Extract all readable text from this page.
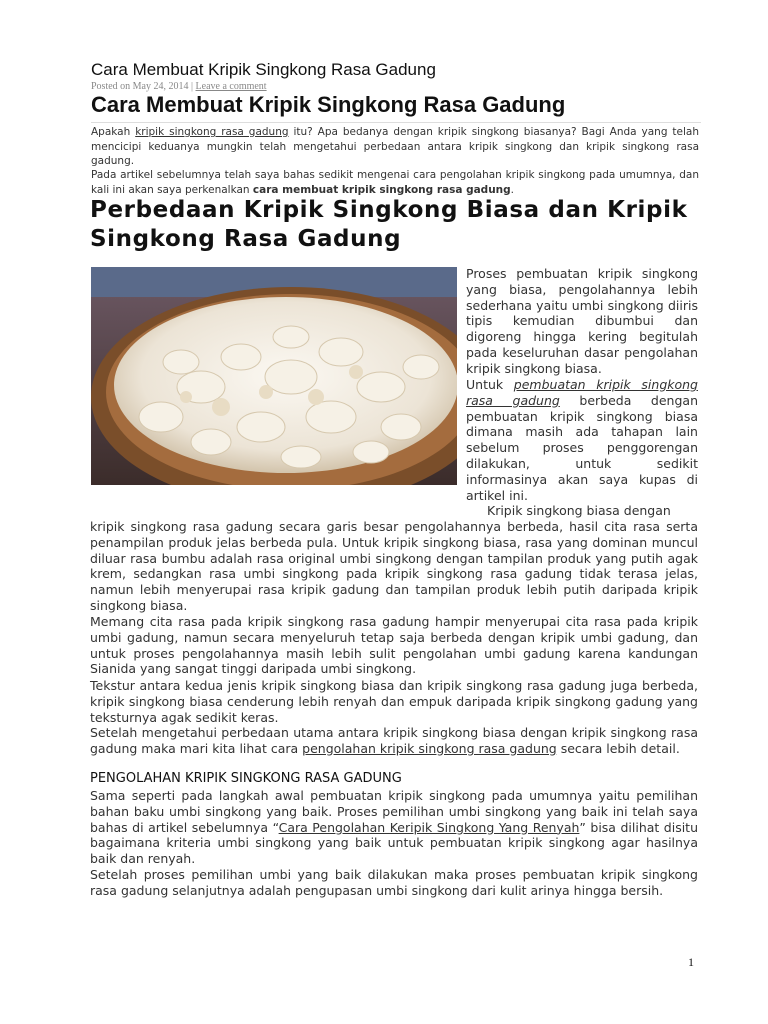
Cara Membuat Kripik Singkong Rasa Gadung

Posted on May 24, 2014 | Leave a comment

Cara Membuat Kripik Singkong Rasa Gadung

Apakah kripik singkong rasa gadung itu? Apa bedanya dengan kripik singkong biasanya? Bagi Anda yang telah mencicipi keduanya mungkin telah mengetahui perbedaan antara kripik singkong dan kripik singkong rasa gadung.

Pada artikel sebelumnya telah saya bahas sedikit mengenai cara pengolahan kripik singkong pada umumnya, dan kali ini akan saya perkenalkan cara membuat kripik singkong rasa gadung.

Perbedaan Kripik Singkong Biasa dan Kripik Singkong Rasa Gadung

Proses pembuatan kripik singkong yang biasa, pengolahannya lebih sederhana yaitu umbi singkong diiris tipis kemudian dibumbui dan digoreng hingga kering begitulah pada keseluruhan dasar pengolahan kripik singkong biasa.

Untuk pembuatan kripik singkong rasa gadung berbeda dengan pembuatan kripik singkong biasa dimana masih ada tahapan lain sebelum proses penggorengan dilakukan, untuk sedikit informasinya akan saya kupas di artikel ini.

Kripik singkong biasa dengan

kripik singkong rasa gadung secara garis besar pengolahannya berbeda, hasil cita rasa serta penampilan produk jelas berbeda pula. Untuk kripik singkong biasa, rasa yang dominan muncul diluar rasa bumbu adalah rasa original umbi singkong dengan tampilan produk yang putih agak krem, sedangkan rasa umbi singkong pada kripik singkong rasa gadung tidak terasa jelas, namun lebih menyerupai rasa kripik gadung dan tampilan produk lebih putih daripada kripik singkong biasa.

Memang cita rasa pada kripik singkong rasa gadung hampir menyerupai cita rasa pada kripik umbi gadung, namun secara menyeluruh tetap saja berbeda dengan kripik umbi gadung, dan untuk proses pengolahannya masih lebih sulit pengolahan umbi gadung karena kandungan Sianida yang sangat tinggi daripada umbi singkong.

Tekstur antara kedua jenis kripik singkong biasa dan kripik singkong rasa gadung juga berbeda, kripik singkong biasa cenderung lebih renyah dan empuk daripada kripik singkong gadung yang teksturnya agak sedikit keras.

Setelah mengetahui perbedaan utama antara kripik singkong biasa dengan kripik singkong rasa gadung maka mari kita lihat cara pengolahan kripik singkong rasa gadung secara lebih detail.

PENGOLAHAN KRIPIK SINGKONG RASA GADUNG

Sama seperti pada langkah awal pembuatan kripik singkong pada umumnya yaitu pemilihan bahan baku umbi singkong yang baik. Proses pemilihan umbi singkong yang baik ini telah saya bahas di artikel sebelumnya “Cara Pengolahan Keripik Singkong Yang Renyah” bisa dilihat disitu bagaimana kriteria umbi singkong yang baik untuk pembuatan kripik singkong agar hasilnya baik dan renyah.

Setelah proses pemilihan umbi yang baik dilakukan maka proses pembuatan kripik singkong rasa gadung selanjutnya adalah pengupasan umbi singkong dari kulit arinya hingga bersih.

1
